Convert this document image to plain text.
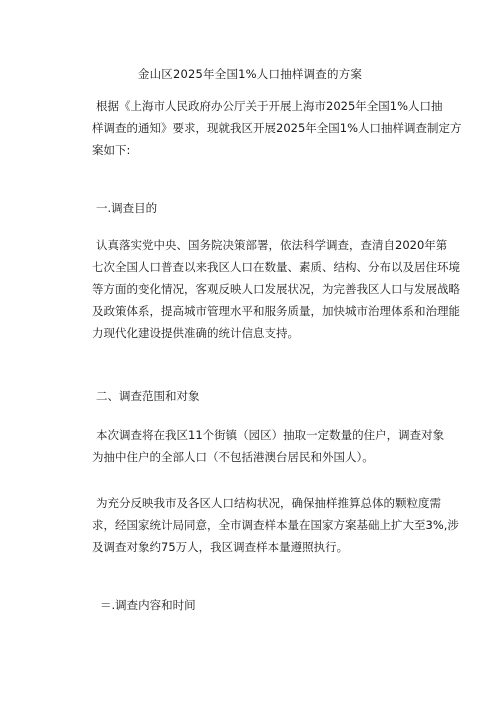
金山区2025年全国1%人口抽样调查的方案
根据《上海市人民政府办公厅关于开展上海市2025年全国1%人口抽
样调查的通知》要求，现就我区开展2025年全国1%人口抽样调查制定方
案如下:
一.调查目的
认真落实党中央、国务院决策部署，依法科学调查，查清自2020年第
七次全国人口普查以来我区人口在数量、素质、结构、分布以及居住环境
等方面的变化情况，客观反映人口发展状况，为完善我区人口与发展战略
及政策体系，提高城市管理水平和服务质量，加快城市治理体系和治理能
力现代化建设提供准确的统计信息支持。
二、调查范围和对象
本次调查将在我区11个街镇（园区）抽取一定数量的住户，调查对象
为抽中住户的全部人口（不包括港澳台居民和外国人）。
为充分反映我市及各区人口结构状况，确保抽样推算总体的颗粒度需
求，经国家统计局同意，全市调查样本量在国家方案基础上扩大至3%,涉
及调查对象约75万人，我区调查样本量遵照执行。
＝.调查内容和时间
